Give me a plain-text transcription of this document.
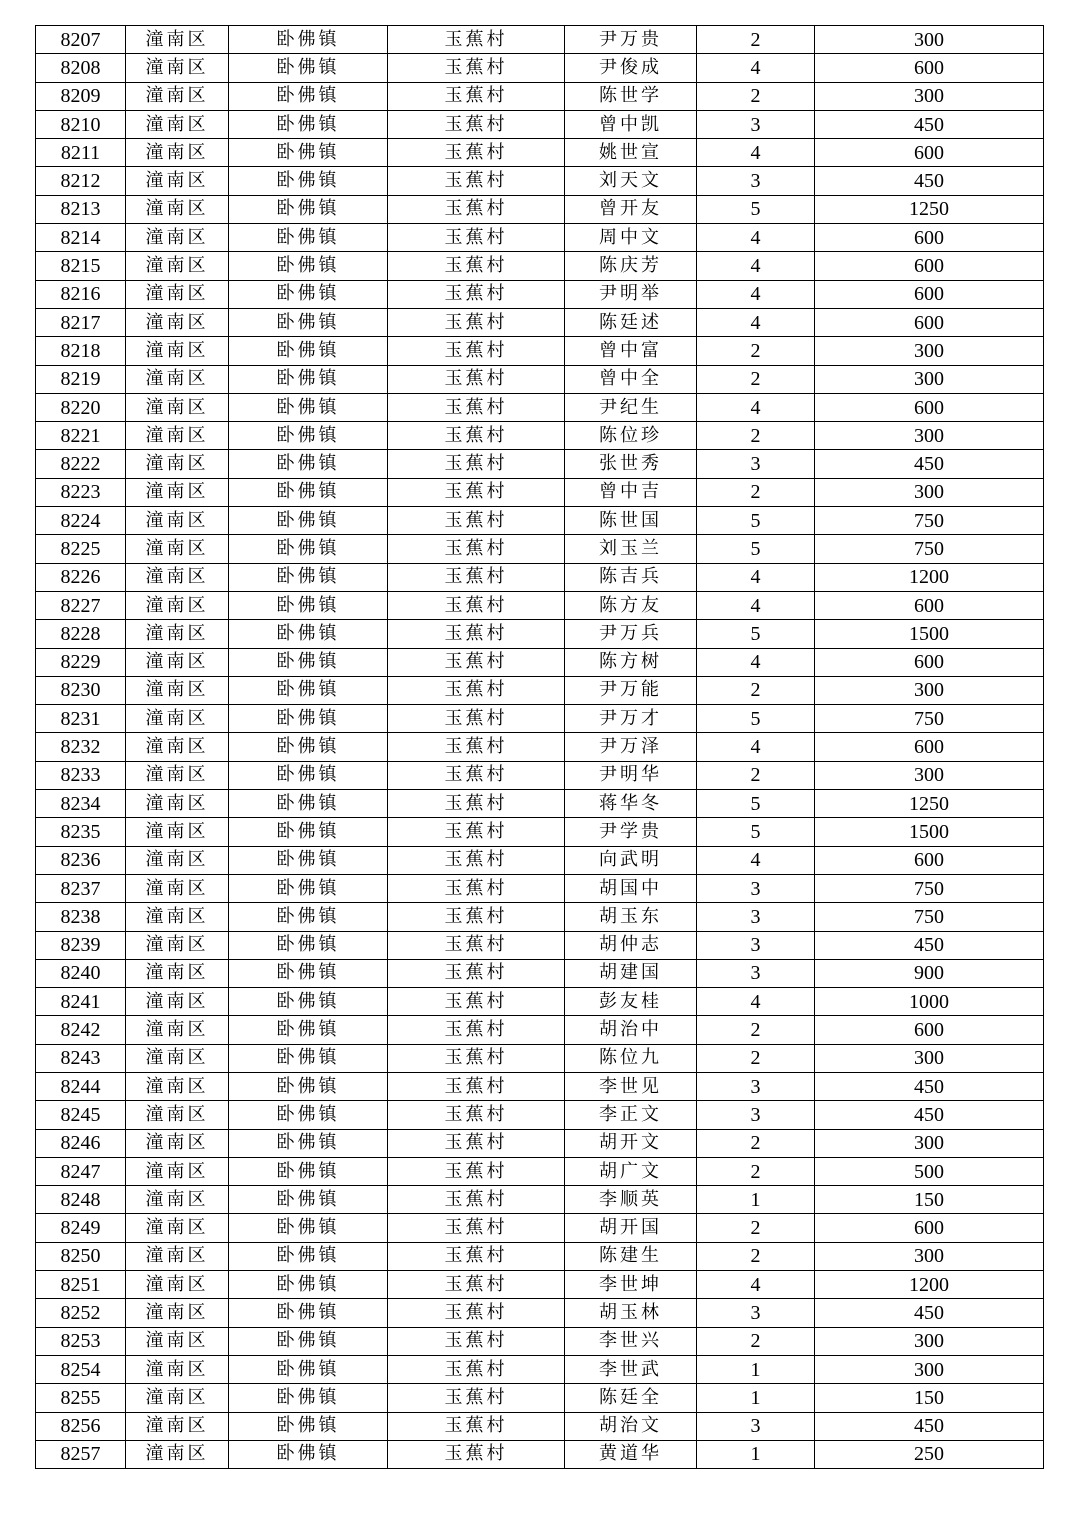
8207	潼南区	卧佛镇	玉蕉村	尹万贵	2	300
8208	潼南区	卧佛镇	玉蕉村	尹俊成	4	600
8209	潼南区	卧佛镇	玉蕉村	陈世学	2	300
8210	潼南区	卧佛镇	玉蕉村	曾中凯	3	450
8211	潼南区	卧佛镇	玉蕉村	姚世宣	4	600
8212	潼南区	卧佛镇	玉蕉村	刘天文	3	450
8213	潼南区	卧佛镇	玉蕉村	曾开友	5	1250
8214	潼南区	卧佛镇	玉蕉村	周中文	4	600
8215	潼南区	卧佛镇	玉蕉村	陈庆芳	4	600
8216	潼南区	卧佛镇	玉蕉村	尹明举	4	600
8217	潼南区	卧佛镇	玉蕉村	陈廷述	4	600
8218	潼南区	卧佛镇	玉蕉村	曾中富	2	300
8219	潼南区	卧佛镇	玉蕉村	曾中全	2	300
8220	潼南区	卧佛镇	玉蕉村	尹纪生	4	600
8221	潼南区	卧佛镇	玉蕉村	陈位珍	2	300
8222	潼南区	卧佛镇	玉蕉村	张世秀	3	450
8223	潼南区	卧佛镇	玉蕉村	曾中吉	2	300
8224	潼南区	卧佛镇	玉蕉村	陈世国	5	750
8225	潼南区	卧佛镇	玉蕉村	刘玉兰	5	750
8226	潼南区	卧佛镇	玉蕉村	陈吉兵	4	1200
8227	潼南区	卧佛镇	玉蕉村	陈方友	4	600
8228	潼南区	卧佛镇	玉蕉村	尹万兵	5	1500
8229	潼南区	卧佛镇	玉蕉村	陈方树	4	600
8230	潼南区	卧佛镇	玉蕉村	尹万能	2	300
8231	潼南区	卧佛镇	玉蕉村	尹万才	5	750
8232	潼南区	卧佛镇	玉蕉村	尹万泽	4	600
8233	潼南区	卧佛镇	玉蕉村	尹明华	2	300
8234	潼南区	卧佛镇	玉蕉村	蒋华冬	5	1250
8235	潼南区	卧佛镇	玉蕉村	尹学贵	5	1500
8236	潼南区	卧佛镇	玉蕉村	向武明	4	600
8237	潼南区	卧佛镇	玉蕉村	胡国中	3	750
8238	潼南区	卧佛镇	玉蕉村	胡玉东	3	750
8239	潼南区	卧佛镇	玉蕉村	胡仲志	3	450
8240	潼南区	卧佛镇	玉蕉村	胡建国	3	900
8241	潼南区	卧佛镇	玉蕉村	彭友桂	4	1000
8242	潼南区	卧佛镇	玉蕉村	胡治中	2	600
8243	潼南区	卧佛镇	玉蕉村	陈位九	2	300
8244	潼南区	卧佛镇	玉蕉村	李世见	3	450
8245	潼南区	卧佛镇	玉蕉村	李正文	3	450
8246	潼南区	卧佛镇	玉蕉村	胡开文	2	300
8247	潼南区	卧佛镇	玉蕉村	胡广文	2	500
8248	潼南区	卧佛镇	玉蕉村	李顺英	1	150
8249	潼南区	卧佛镇	玉蕉村	胡开国	2	600
8250	潼南区	卧佛镇	玉蕉村	陈建生	2	300
8251	潼南区	卧佛镇	玉蕉村	李世坤	4	1200
8252	潼南区	卧佛镇	玉蕉村	胡玉林	3	450
8253	潼南区	卧佛镇	玉蕉村	李世兴	2	300
8254	潼南区	卧佛镇	玉蕉村	李世武	1	300
8255	潼南区	卧佛镇	玉蕉村	陈廷全	1	150
8256	潼南区	卧佛镇	玉蕉村	胡治文	3	450
8257	潼南区	卧佛镇	玉蕉村	黄道华	1	250
